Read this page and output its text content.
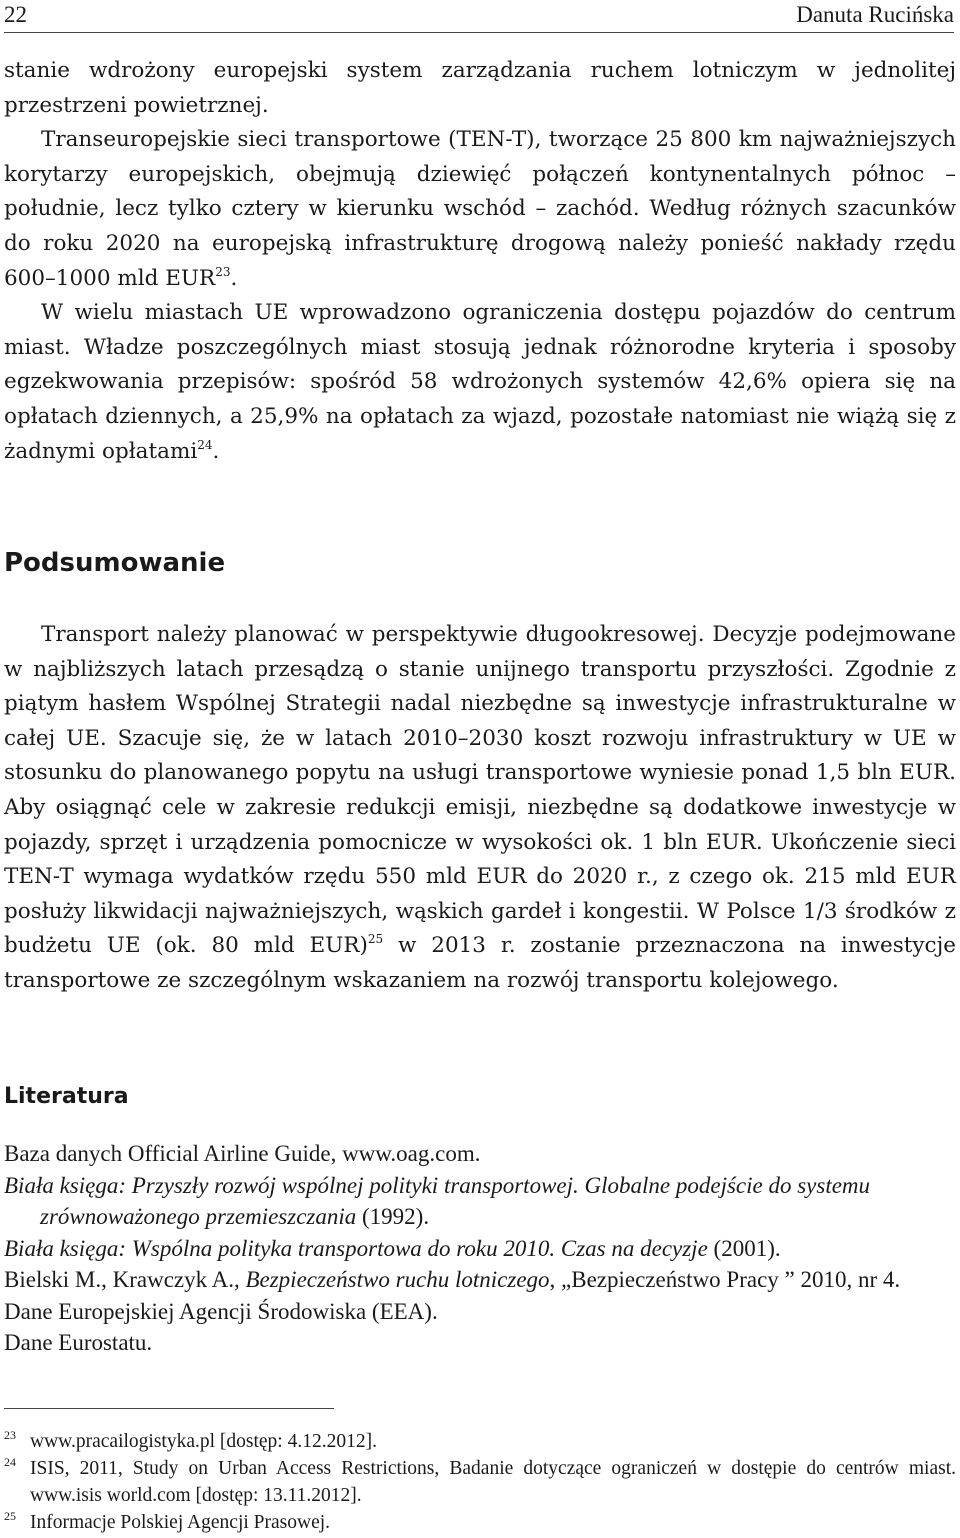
22	Danuta Rucińska

stanie wdrożony europejski system zarządzania ruchem lotniczym w jednolitej przestrzeni powietrznej.

Transeuropejskie sieci transportowe (TEN-T), tworzące 25 800 km najważniejszych korytarzy europejskich, obejmują dziewięć połączeń kontynentalnych północ – południe, lecz tylko cztery w kierunku wschód – zachód. Według różnych szacunków do roku 2020 na europejską infrastrukturę drogową należy ponieść nakłady rzędu 600–1000 mld EUR$^{23}$.

W wielu miastach UE wprowadzono ograniczenia dostępu pojazdów do centrum miast. Władze poszczególnych miast stosują jednak różnorodne kryteria i sposoby egzekwowania przepisów: spośród 58 wdrożonych systemów 42,6% opiera się na opłatach dziennych, a 25,9% na opłatach za wjazd, pozostałe natomiast nie wiążą się z żadnymi opłatami$^{24}$.

Podsumowanie

Transport należy planować w perspektywie długookresowej. Decyzje podejmowane w najbliższych latach przesądzą o stanie unijnego transportu przyszłości. Zgodnie z piątym hasłem Wspólnej Strategii nadal niezbędne są inwestycje infrastrukturalne w całej UE. Szacuje się, że w latach 2010–2030 koszt rozwoju infrastruktury w UE w stosunku do planowanego popytu na usługi transportowe wyniesie ponad 1,5 bln EUR. Aby osiągnąć cele w zakresie redukcji emisji, niezbędne są dodatkowe inwestycje w pojazdy, sprzęt i urządzenia pomocnicze w wysokości ok. 1 bln EUR. Ukończenie sieci TEN-T wymaga wydatków rzędu 550 mld EUR do 2020 r., z czego ok. 215 mld EUR posłuży likwidacji najważniejszych, wąskich gardeł i kongestii. W Polsce 1/3 środków z budżetu UE (ok. 80 mld EUR)$^{25}$ w 2013 r. zostanie przeznaczona na inwestycje transportowe ze szczególnym wskazaniem na rozwój transportu kolejowego.

Literatura
Baza danych Official Airline Guide, www.oag.com.
Biała księga: Przyszły rozwój wspólnej polityki transportowej. Globalne podejście do systemu zrównoważonego przemieszczania (1992).
Biała księga: Wspólna polityka transportowa do roku 2010. Czas na decyzje (2001).
Bielski M., Krawczyk A., Bezpieczeństwo ruchu lotniczego, „Bezpieczeństwo Pracy ” 2010, nr 4.
Dane Europejskiej Agencji Środowiska (EEA).
Dane Eurostatu.
23 www.pracailogistyka.pl [dostęp: 4.12.2012].
24 ISIS, 2011, Study on Urban Access Restrictions, Badanie dotyczące ograniczeń w dostępie do centrów miast. www.isis world.com [dostęp: 13.11.2012].
25 Informacje Polskiej Agencji Prasowej.
